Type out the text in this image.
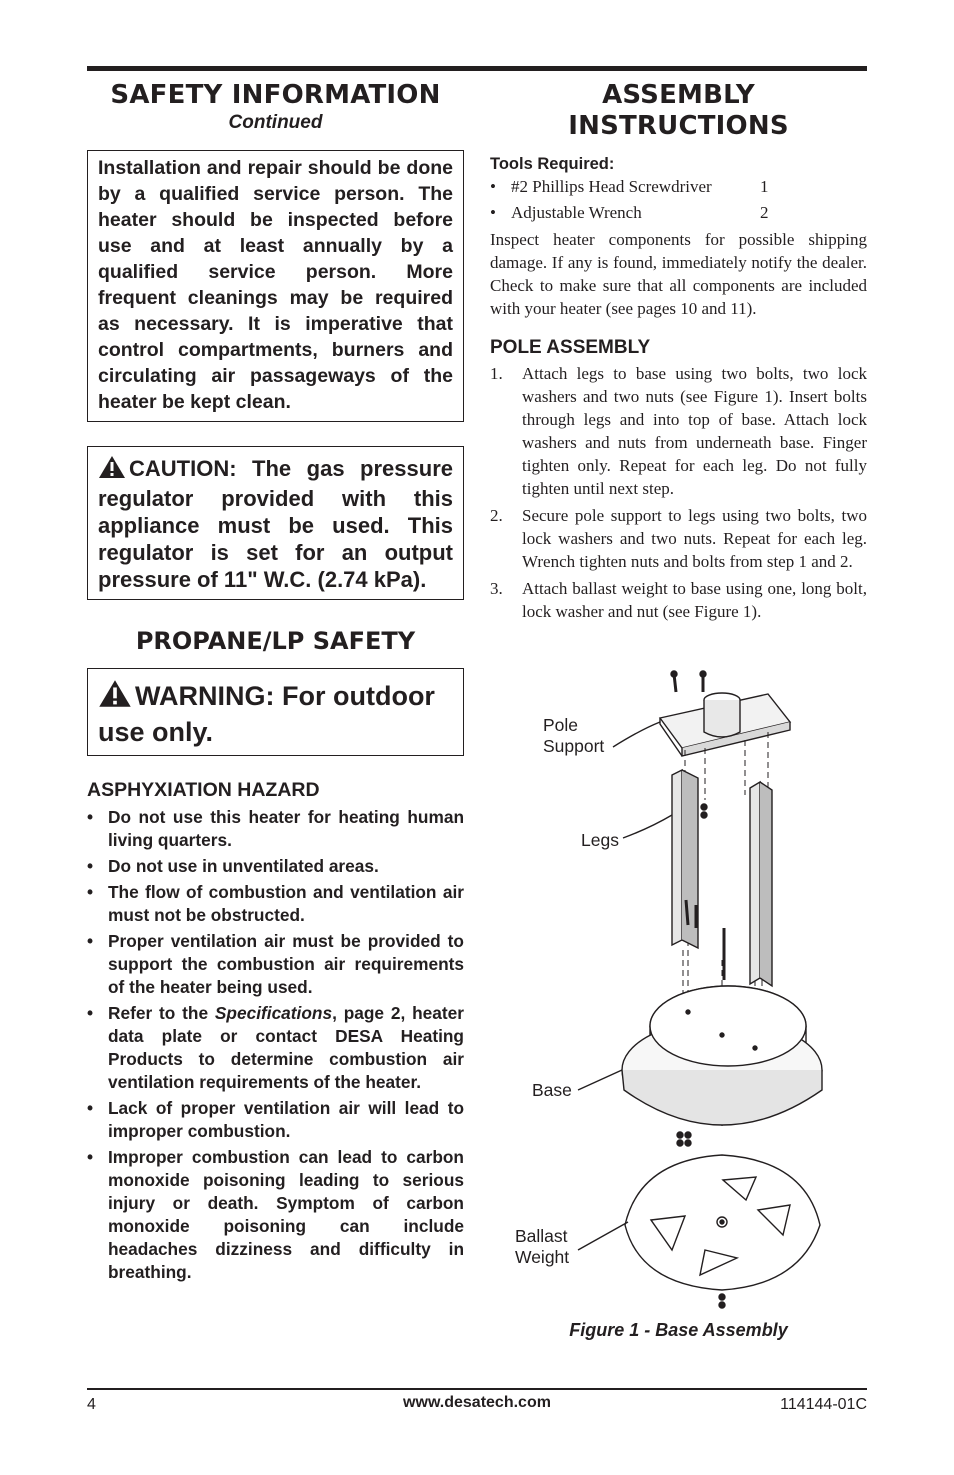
SAFETY INFORMATION
Continued
Installation and repair should be done by a qualified service person. The heater should be inspected before use and at least annually by a qualified service person. More frequent cleanings may be required as necessary. It is imperative that control compartments, burners and circulating air passageways of the heater be kept clean.
CAUTION: The gas pressure regulator provided with this appliance must be used. This regulator is set for an output pressure of 11" W.C. (2.74 kPa).
PROPANE/LP SAFETY
WARNING: For outdoor use only.
ASPHYXIATION HAZARD
• Do not use this heater for heating human living quarters.
• Do not use in unventilated areas.
• The flow of combustion and ventilation air must not be obstructed.
• Proper ventilation air must be provided to support the combustion air requirements of the heater being used.
• Refer to the Specifications, page 2, heater data plate or contact DESA Heating Products to determine combustion air ventilation requirements of the heater.
• Lack of proper ventilation air will lead to improper combustion.
• Improper combustion can lead to carbon monoxide poisoning leading to serious injury or death. Symptom of carbon monoxide poisoning can include headaches dizziness and difficulty in breathing.
ASSEMBLY
INSTRUCTIONS
Tools Required:
• #2 Phillips Head Screwdriver	1
• Adjustable Wrench	2
Inspect heater components for possible shipping damage. If any is found, immediately notify the dealer. Check to make sure that all components are included with your heater (see pages 10 and 11).
POLE ASSEMBLY
1. Attach legs to base using two bolts, two lock washers and two nuts (see Figure 1). Insert bolts through legs and into top of base. Attach lock washers and nuts from underneath base. Finger tighten only. Repeat for each leg. Do not fully tighten until next step.
2. Secure pole support to legs using two bolts, two lock washers and two nuts. Repeat for each leg. Wrench tighten nuts and bolts from step 1 and 2.
3. Attach ballast weight to base using one, long bolt, lock washer and nut (see Figure 1).
Pole
Support
Legs
Base
Ballast
Weight
Figure 1 - Base Assembly
4	www.desatech.com	114144-01C
